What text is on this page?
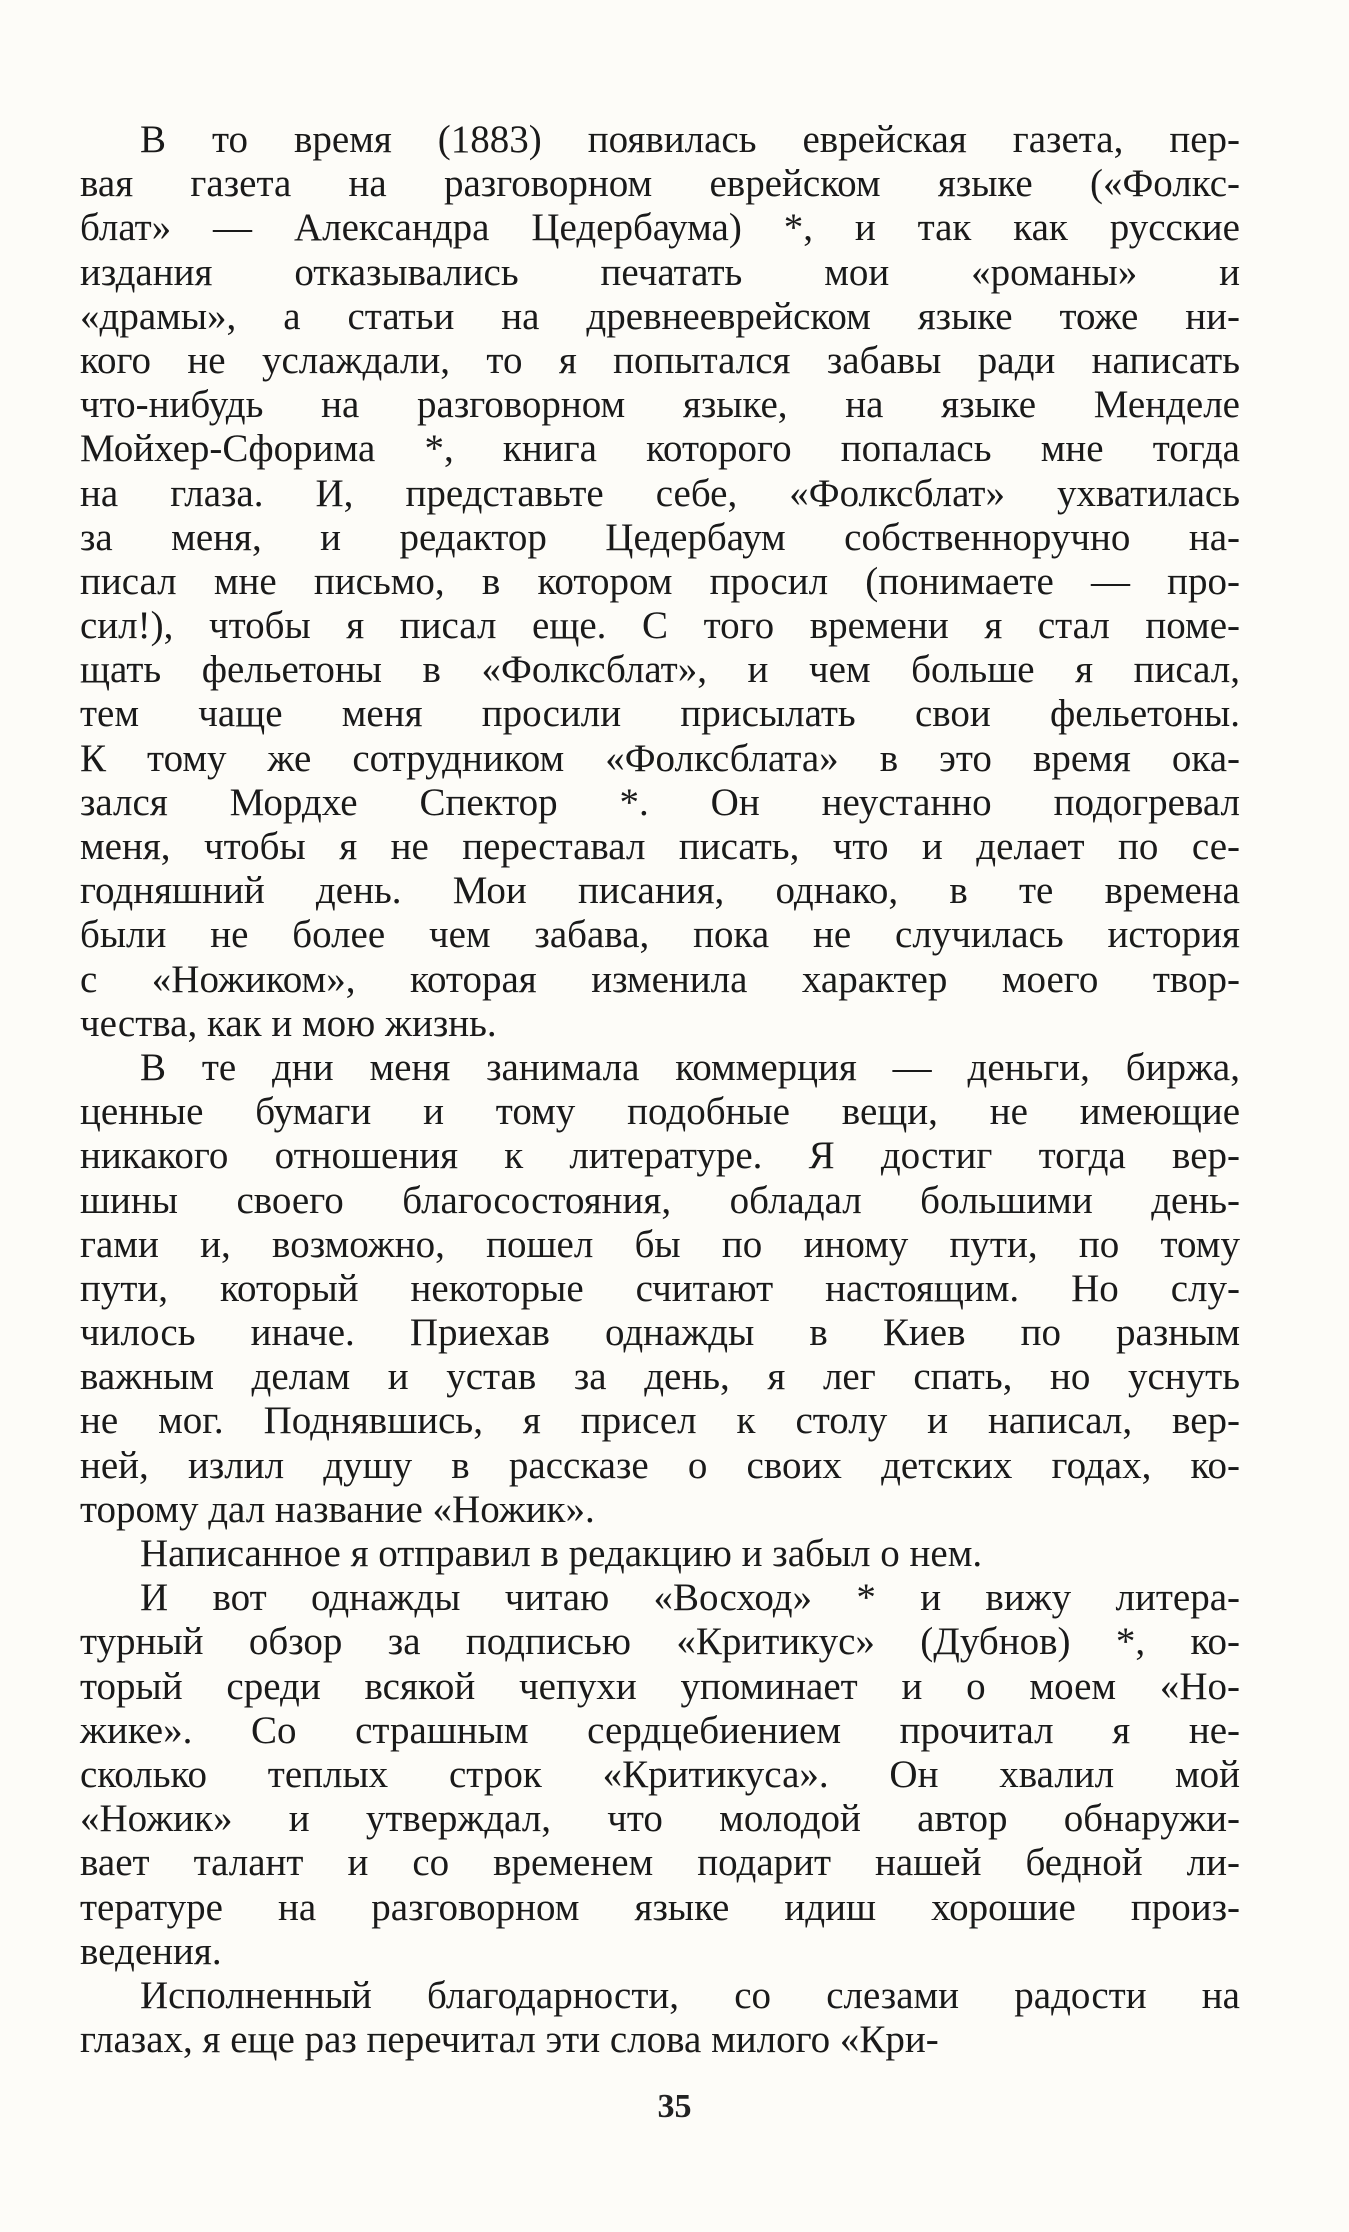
В то время (1883) появилась еврейская газета, пер-
вая газета на разговорном еврейском языке («Фолкс-
блат» — Александра Цедербаума) *, и так как русские
издания отказывались печатать мои «романы» и
«драмы», а статьи на древнееврейском языке тоже ни-
кого не услаждали, то я попытался забавы ради написать
что-нибудь на разговорном языке, на языке Менделе
Мойхер-Сфорима *, книга которого попалась мне тогда
на глаза. И, представьте себе, «Фолксблат» ухватилась
за меня, и редактор Цедербаум собственноручно на-
писал мне письмо, в котором просил (понимаете — про-
сил!), чтобы я писал еще. С того времени я стал поме-
щать фельетоны в «Фолксблат», и чем больше я писал,
тем чаще меня просили присылать свои фельетоны.
К тому же сотрудником «Фолксблата» в это время ока-
зался Мордхе Спектор *. Он неустанно подогревал
меня, чтобы я не переставал писать, что и делает по се-
годняшний день. Мои писания, однако, в те времена
были не более чем забава, пока не случилась история
с «Ножиком», которая изменила характер моего твор-
чества, как и мою жизнь.
В те дни меня занимала коммерция — деньги, биржа,
ценные бумаги и тому подобные вещи, не имеющие
никакого отношения к литературе. Я достиг тогда вер-
шины своего благосостояния, обладал большими день-
гами и, возможно, пошел бы по иному пути, по тому
пути, который некоторые считают настоящим. Но слу-
чилось иначе. Приехав однажды в Киев по разным
важным делам и устав за день, я лег спать, но уснуть
не мог. Поднявшись, я присел к столу и написал, вер-
ней, излил душу в рассказе о своих детских годах, ко-
торому дал название «Ножик».
Написанное я отправил в редакцию и забыл о нем.
И вот однажды читаю «Восход» * и вижу литера-
турный обзор за подписью «Критикус» (Дубнов) *, ко-
торый среди всякой чепухи упоминает и о моем «Но-
жике». Со страшным сердцебиением прочитал я не-
сколько теплых строк «Критикуса». Он хвалил мой
«Ножик» и утверждал, что молодой автор обнаружи-
вает талант и со временем подарит нашей бедной ли-
тературе на разговорном языке идиш хорошие произ-
ведения.
Исполненный благодарности, со слезами радости на
глазах, я еще раз перечитал эти слова милого «Кри-
35
